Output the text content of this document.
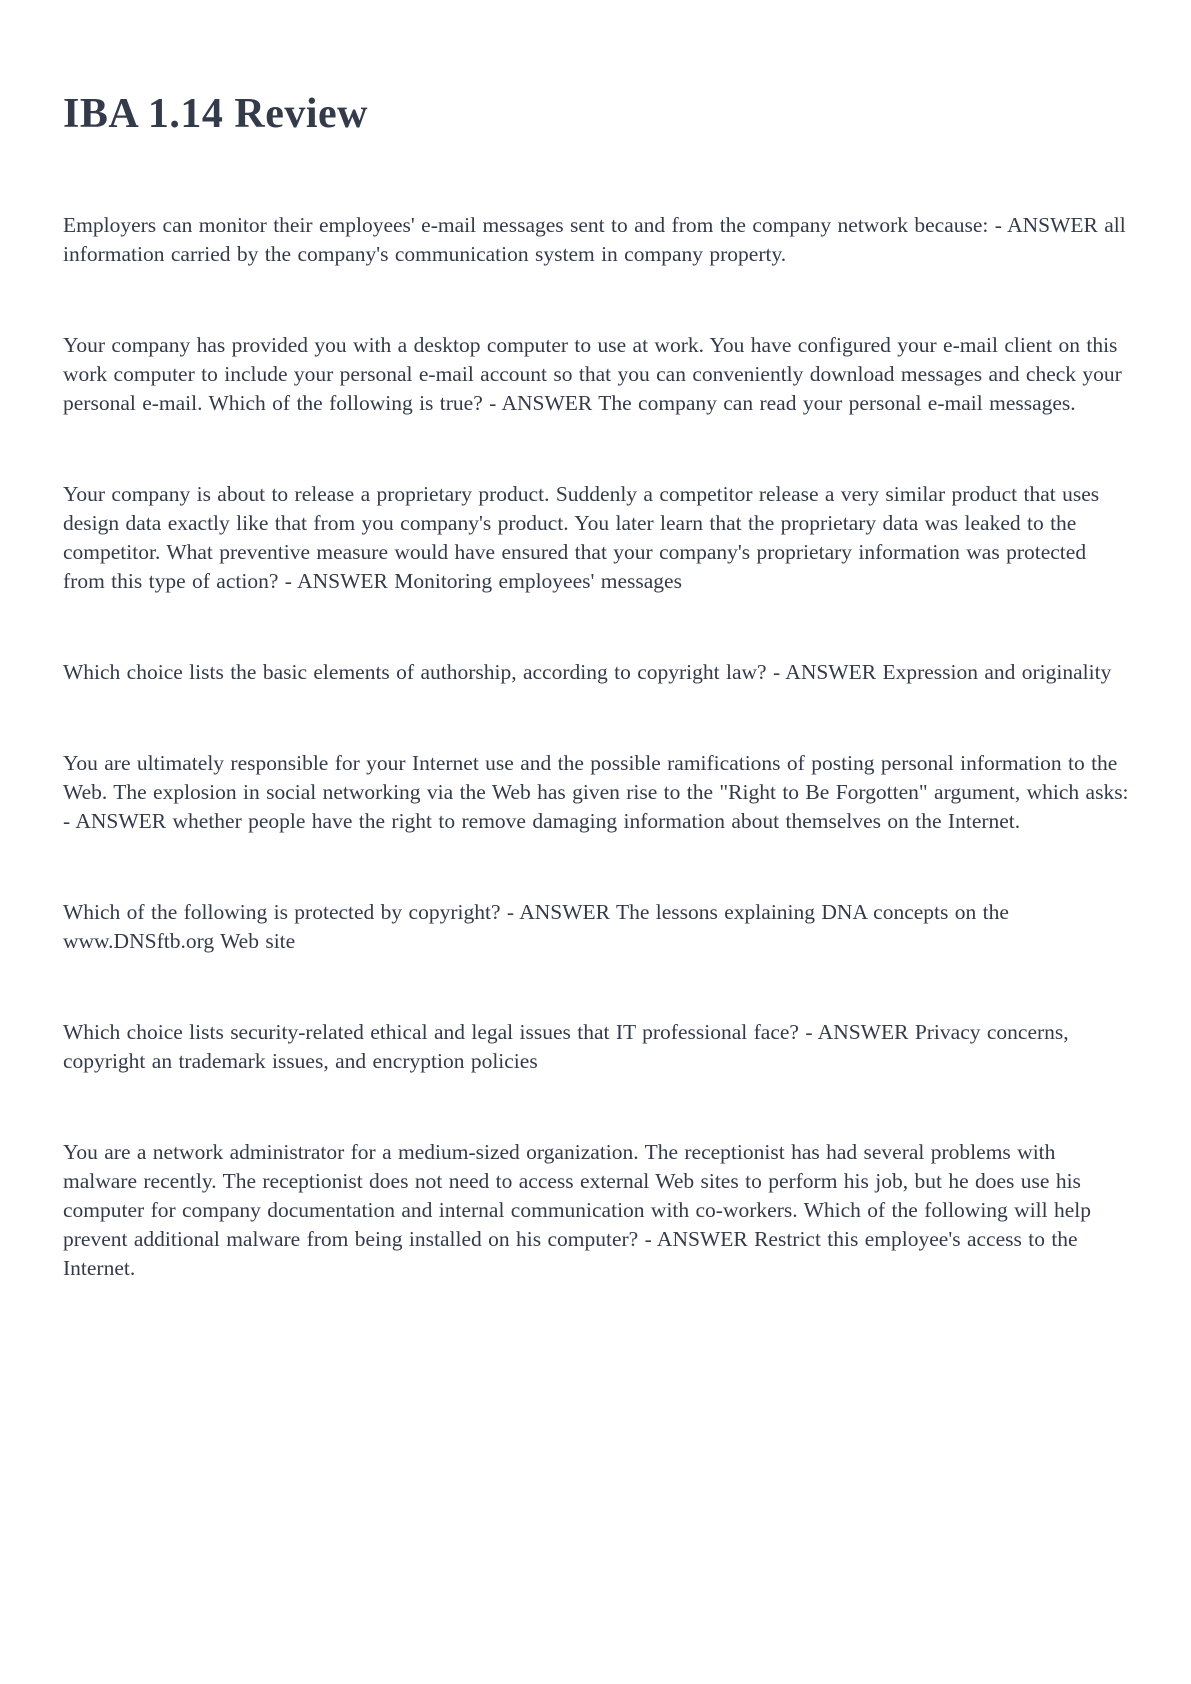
IBA 1.14 Review

Employers can monitor their employees' e-mail messages sent to and from the company network because: - ANSWER all information carried by the company's communication system in company property.

Your company has provided you with a desktop computer to use at work. You have configured your e-mail client on this work computer to include your personal e-mail account so that you can conveniently download messages and check your personal e-mail. Which of the following is true? - ANSWER The company can read your personal e-mail messages.

Your company is about to release a proprietary product. Suddenly a competitor release a very similar product that uses design data exactly like that from you company's product. You later learn that the proprietary data was leaked to the competitor. What preventive measure would have ensured that your company's proprietary information was protected from this type of action? - ANSWER Monitoring employees' messages

Which choice lists the basic elements of authorship, according to copyright law? - ANSWER Expression and originality

You are ultimately responsible for your Internet use and the possible ramifications of posting personal information to the Web. The explosion in social networking via the Web has given rise to the "Right to Be Forgotten" argument, which asks: - ANSWER whether people have the right to remove damaging information about themselves on the Internet.

Which of the following is protected by copyright? - ANSWER The lessons explaining DNA concepts on the www.DNSftb.org Web site

Which choice lists security-related ethical and legal issues that IT professional face? - ANSWER Privacy concerns, copyright an trademark issues, and encryption policies

You are a network administrator for a medium-sized organization. The receptionist has had several problems with malware recently. The receptionist does not need to access external Web sites to perform his job, but he does use his computer for company documentation and internal communication with co-workers. Which of the following will help prevent additional malware from being installed on his computer? - ANSWER Restrict this employee's access to the Internet.
